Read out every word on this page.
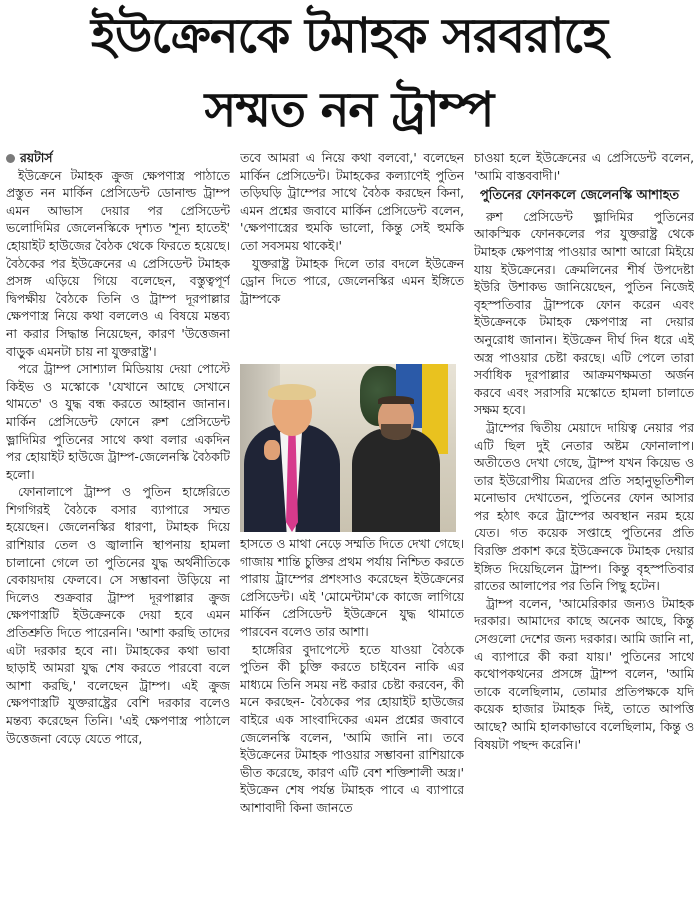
ইউক্রেনকে টমাহক সরবরাহে
সম্মত নন ট্রাম্প
রয়টার্স

ইউক্রেনে টমাহক ক্রুজ ক্ষেপণাস্ত্র পাঠাতে প্রস্তুত নন মার্কিন প্রেসিডেন্ট ডোনাল্ড ট্রাম্প এমন আভাস দেয়ার পর প্রেসিডেন্ট ভলোদিমির জেলেনস্কিকে দৃশ্যত 'শূন্য হাতেই' হোয়াইট হাউজের বৈঠক থেকে ফিরতে হয়েছে। বৈঠকের পর ইউক্রেনের এ প্রেসিডেন্ট টমাহক প্রসঙ্গ এড়িয়ে গিয়ে বলেছেন, বস্তুত্বপূর্ণ দ্বিপক্ষীয় বৈঠকে তিনি ও ট্রাম্প দূরপাল্লার ক্ষেপণাস্ত্র নিয়ে কথা বললেও এ বিষয়ে মন্তব্য না করার সিদ্ধান্ত নিয়েছেন, কারণ 'উত্তেজনা বাড়ুক এমনটা চায় না যুক্তরাষ্ট্র'।

পরে ট্রাম্প সোশ্যাল মিডিয়ায় দেয়া পোস্টে কিইভ ও মস্কোকে 'যেখানে আছে সেখানে থামতে' ও যুদ্ধ বন্ধ করতে আহ্বান জানান। মার্কিন প্রেসিডেন্ট ফোনে রুশ প্রেসিডেন্ট ভ্লাদিমির পুতিনের সাথে কথা বলার একদিন পর হোয়াইট হাউজে ট্রাম্প-জেলেনস্কি বৈঠকটি হলো।

ফোনালাপে ট্রাম্প ও পুতিন হাঙ্গেরিতে শিগগিরই বৈঠকে বসার ব্যাপারে সম্মত হয়েছেন। জেলেনস্কির ধারণা, টমাহক দিয়ে রাশিয়ার তেল ও জ্বালানি স্থাপনায় হামলা চালানো গেলে তা পুতিনের যুদ্ধ অর্থনীতিকে বেকায়দায় ফেলবে। সে সম্ভাবনা উড়িয়ে না দিলেও শুক্রবার ট্রাম্প দূরপাল্লার ক্রুজ ক্ষেপণাস্ত্রটি ইউক্রেনকে দেয়া হবে এমন প্রতিশ্রুতি দিতে পারেননি। 'আশা করছি তাদের এটা দরকার হবে না। টমাহকের কথা ভাবা ছাড়াই আমরা যুদ্ধ শেষ করতে পারবো বলে আশা করছি,' বলেছেন ট্রাম্প। এই ক্রুজ ক্ষেপণাস্ত্রটি যুক্তরাষ্ট্রের বেশি দরকার বলেও মন্তব্য করেছেন তিনি। 'এই ক্ষেপণাস্ত্র পাঠালে উত্তেজনা বেড়ে যেতে পারে,

তবে আমরা এ নিয়ে কথা বলবো,' বলেছেন মার্কিন প্রেসিডেন্ট। টমাহকের কল্যাণেই পুতিন তড়িঘড়ি ট্রাম্পের সাথে বৈঠক করছেন কিনা, এমন প্রশ্নের জবাবে মার্কিন প্রেসিডেন্ট বলেন, 'ক্ষেপণাস্ত্রের হুমকি ভালো, কিন্তু সেই হুমকি তো সবসময় থাকেই।'

যুক্তরাষ্ট্র টমাহক দিলে তার বদলে ইউক্রেন ড্রোন দিতে পারে, জেলেনস্কির এমন ইঙ্গিতে ট্রাম্পকে

হাসতে ও মাথা নেড়ে সম্মতি দিতে দেখা গেছে। গাজায় শান্তি চুক্তির প্রথম পর্যায় নিশ্চিত করতে পারায় ট্রাম্পের প্রশংসাও করেছেন ইউক্রেনের প্রেসিডেন্ট। এই 'মোমেন্টাম'কে কাজে লাগিয়ে মার্কিন প্রেসিডেন্ট ইউক্রেনে যুদ্ধ থামাতে পারবেন বলেও তার আশা।

হাঙ্গেরির বুদাপেস্টে হতে যাওয়া বৈঠকে পুতিন কী চুক্তি করতে চাইবেন নাকি এর মাধ্যমে তিনি সময় নষ্ট করার চেষ্টা করবেন, কী মনে করছেন- বৈঠকের পর হোয়াইট হাউজের বাইরে এক সাংবাদিকের এমন প্রশ্নের জবাবে জেলেনস্কি বলেন, 'আমি জানি না। তবে ইউক্রেনের টমাহক পাওয়ার সম্ভাবনা রাশিয়াকে ভীত করেছে, কারণ এটি বেশ শক্তিশালী অস্ত্র।' ইউক্রেন শেষ পর্যন্ত টমাহক পাবে এ ব্যাপারে আশাবাদী কিনা জানতে

চাওয়া হলে ইউক্রেনের এ প্রেসিডেন্ট বলেন, 'আমি বাস্তববাদী।'

পুতিনের ফোনকলে জেলেনস্কি আশাহত

রুশ প্রেসিডেন্ট ভ্লাদিমির পুতিনের আকস্মিক ফোনকলের পর যুক্তরাষ্ট্র থেকে টমাহক ক্ষেপণাস্ত্র পাওয়ার আশা আরো মিইয়ে যায় ইউক্রেনের। ক্রেমলিনের শীর্ষ উপদেষ্টা ইউরি উশাকভ জানিয়েছেন, পুতিন নিজেই বৃহস্পতিবার ট্রাম্পকে ফোন করেন এবং ইউক্রেনকে টমাহক ক্ষেপণাস্ত্র না দেয়ার অনুরোধ জানান। ইউক্রেন দীর্ঘ দিন ধরে এই অস্ত্র পাওয়ার চেষ্টা করছে। এটি পেলে তারা সর্বাধিক দূরপাল্লার আক্রমণক্ষমতা অর্জন করবে এবং সরাসরি মস্কোতে হামলা চালাতে সক্ষম হবে।

ট্রাম্পের দ্বিতীয় মেয়াদে দায়িত্ব নেয়ার পর এটি ছিল দুই নেতার অষ্টম ফোনালাপ। অতীতেও দেখা গেছে, ট্রাম্প যখন কিয়েভ ও তার ইউরোপীয় মিত্রদের প্রতি সহানুভূতিশীল মনোভাব দেখাতেন, পুতিনের ফোন আসার পর হঠাৎ করে ট্রাম্পের অবস্থান নরম হয়ে যেত। গত কয়েক সপ্তাহে পুতিনের প্রতি বিরক্তি প্রকাশ করে ইউক্রেনকে টমাহক দেয়ার ইঙ্গিত দিয়েছিলেন ট্রাম্প। কিন্তু বৃহস্পতিবার রাতের আলাপের পর তিনি পিছু হটেন।

ট্রাম্প বলেন, 'আমেরিকার জন্যও টমাহক দরকার। আমাদের কাছে অনেক আছে, কিন্তু সেগুলো দেশের জন্য দরকার। আমি জানি না, এ ব্যাপারে কী করা যায়।' পুতিনের সাথে কথোপকথনের প্রসঙ্গে ট্রাম্প বলেন, 'আমি তাকে বলেছিলাম, তোমার প্রতিপক্ষকে যদি কয়েক হাজার টমাহক দিই, তাতে আপত্তি আছে? আমি হালকাভাবে বলেছিলাম, কিন্তু ও বিষয়টা পছন্দ করেনি।'
